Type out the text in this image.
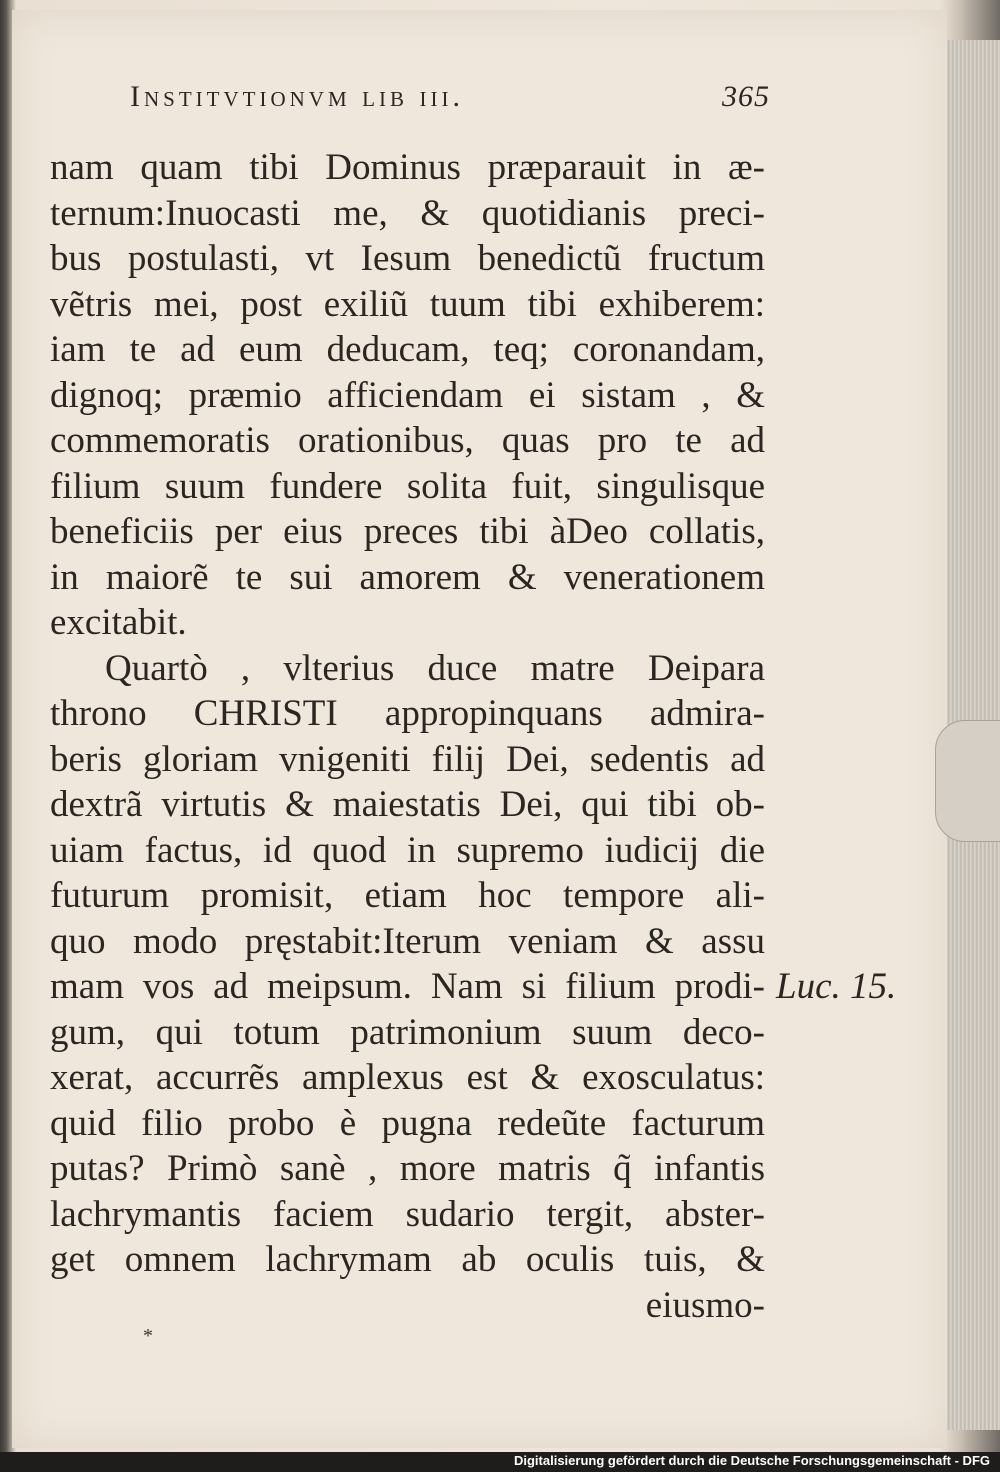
Institvtionvm lib iii.	365
nam quam tibi Dominus præparauit in æ-
ternum:Inuocasti me, & quotidianis preci-
bus postulasti, vt Iesum benedictũ fructum
vẽtris mei, post exiliũ tuum tibi exhiberem:
iam te ad eum deducam, teq; coronandam,
dignoq; præmio afficiendam ei sistam , &
commemoratis orationibus, quas pro te ad
filium suum fundere solita fuit, singulisque
beneficiis per eius preces tibi àDeo collatis,
in maiorẽ te sui amorem & venerationem
excitabit.
Quartò , vlterius duce matre Deipara
throno CHRISTI appropinquans admira-
beris gloriam vnigeniti filij Dei, sedentis ad
dextrã virtutis & maiestatis Dei, qui tibi ob-
uiam factus, id quod in supremo iudicij die
futurum promisit, etiam hoc tempore ali-
quo modo pręstabit:Iterum veniam & assu
mam vos ad meipsum. Nam si filium prodi-
gum, qui totum patrimonium suum deco-
xerat, accurrẽs amplexus est & exosculatus:
quid filio probo è pugna redeũte facturum
putas? Primò sanè , more matris q̃ infantis
lachrymantis faciem sudario tergit, abster-
get omnem lachrymam ab oculis tuis, &
eiusmo-
Luc. 15.
*
Digitalisierung gefördert durch die Deutsche Forschungsgemeinschaft - DFG
